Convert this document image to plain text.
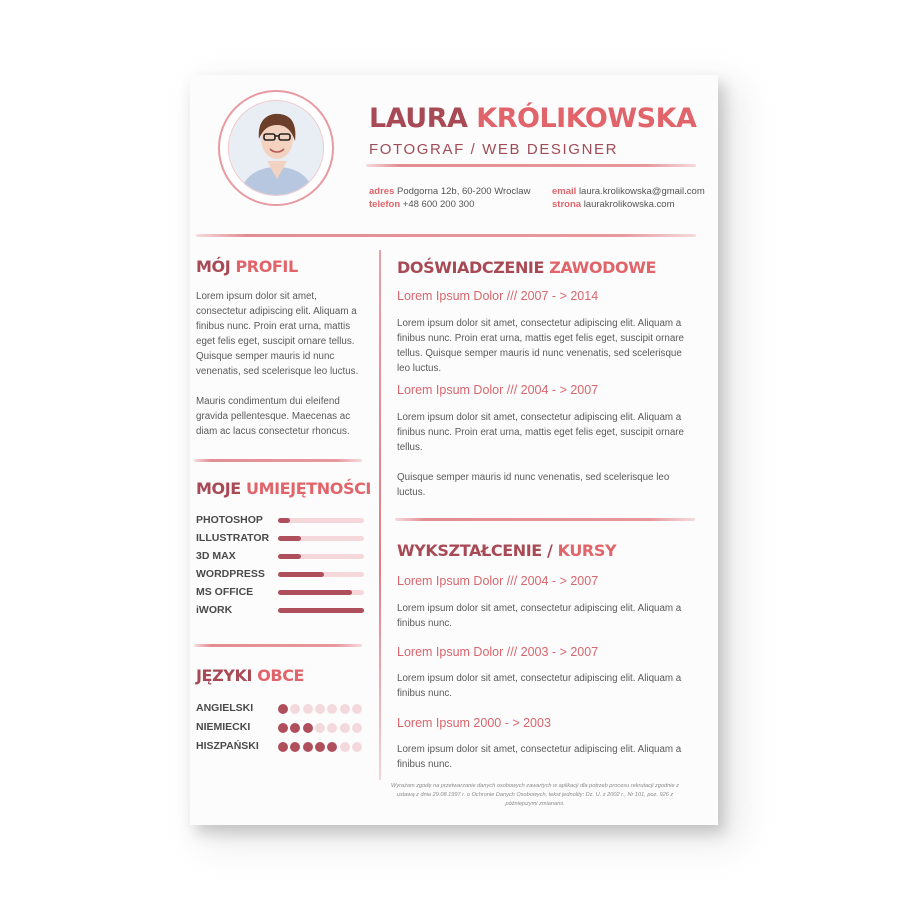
LAURA KRÓLIKOWSKA
FOTOGRAF / WEB DESIGNER
adres Podgorna 12b, 60-200 Wroclaw
telefon +48 600 200 300
email laura.krolikowska@gmail.com
strona laurakrolikowska.com
MÓJ PROFIL
Lorem ipsum dolor sit amet, consectetur adipiscing elit. Aliquam a finibus nunc. Proin erat urna, mattis eget felis eget, suscipit ornare tellus. Quisque semper mauris id nunc venenatis, sed scelerisque leo luctus.
Mauris condimentum dui eleifend gravida pellentesque. Maecenas ac diam ac lacus consectetur rhoncus.
MOJE UMIEJĘTNOŚCI
JĘZYKI OBCE
DOŚWIADCZENIE ZAWODOWE
Lorem Ipsum Dolor /// 2007 - > 2014
Lorem ipsum dolor sit amet, consectetur adipiscing elit. Aliquam a finibus nunc. Proin erat urna, mattis eget felis eget, suscipit ornare tellus. Quisque semper mauris id nunc venenatis, sed scelerisque leo luctus.
Lorem Ipsum Dolor /// 2004 - > 2007
Lorem ipsum dolor sit amet, consectetur adipiscing elit. Aliquam a finibus nunc. Proin erat urna, mattis eget felis eget, suscipit ornare tellus.
Quisque semper mauris id nunc venenatis, sed scelerisque leo luctus.
WYKSZTAŁCENIE / KURSY
Lorem Ipsum Dolor /// 2004 - > 2007
Lorem ipsum dolor sit amet, consectetur adipiscing elit. Aliquam a finibus nunc.
Lorem Ipsum Dolor /// 2003 - > 2007
Lorem ipsum dolor sit amet, consectetur adipiscing elit. Aliquam a finibus nunc.
Lorem Ipsum 2000 - > 2003
Lorem ipsum dolor sit amet, consectetur adipiscing elit. Aliquam a finibus nunc.
Wyrażam zgodę na przetwarzanie danych osobowych zawartych w aplikacji dla potrzeb procesu rekrutacji zgodnie z ustawą z dnia 29.08.1997 r. o Ochronie Danych Osobowych, tekst jednolity: Dz. U. z 2002 r., Nr 101, poz. 926 z późniejszymi zmianami.
PHOTOSHOP
ILLUSTRATOR
3D MAX
WORDPRESS
MS OFFICE
iWORK
ANGIELSKI
NIEMIECKI
HISZPAŃSKI
